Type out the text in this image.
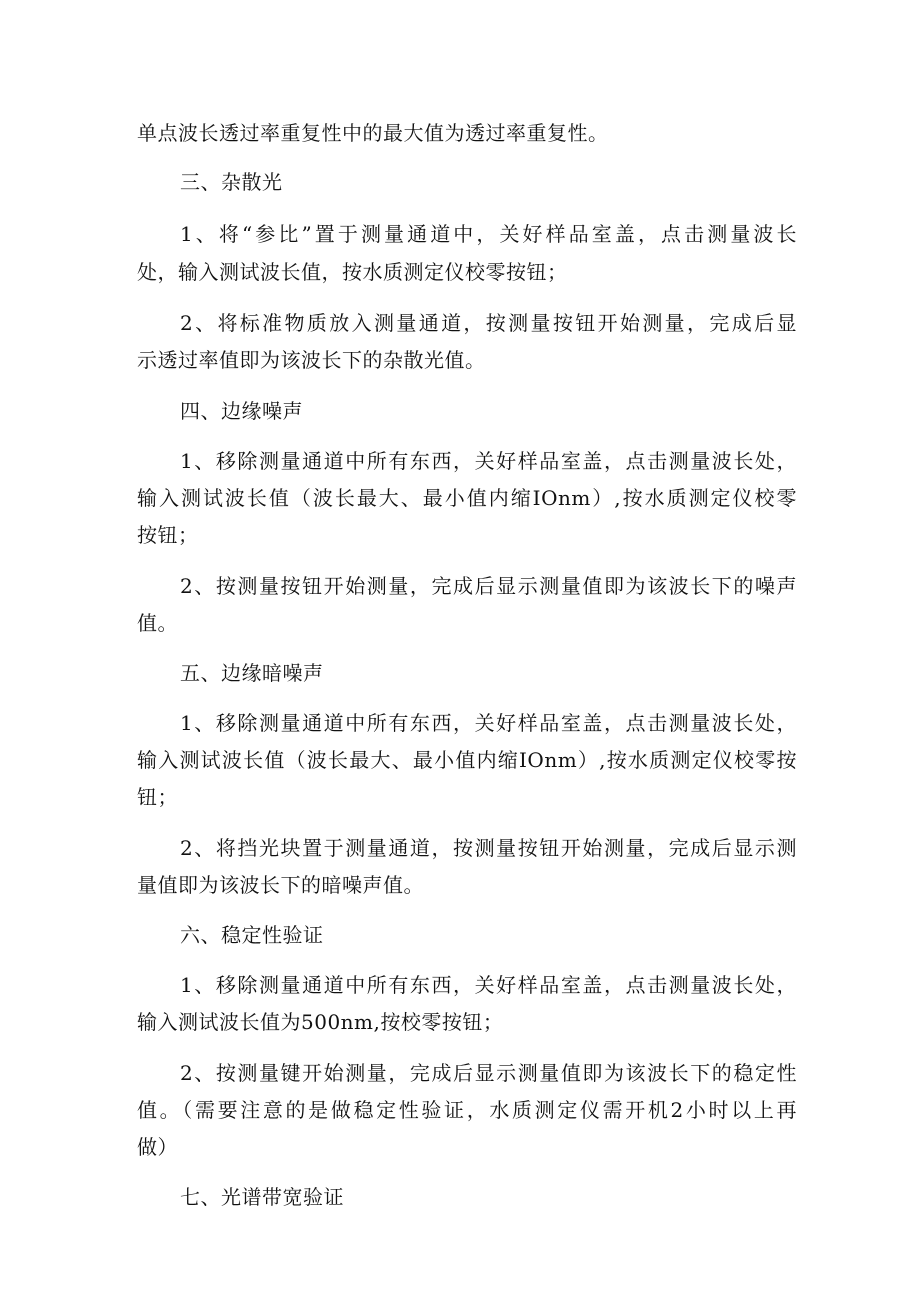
单点波长透过率重复性中的最大值为透过率重复性。
三、杂散光
1、将“参比”置于测量通道中，关好样品室盖，点击测量波长
处，输入测试波长值，按水质测定仪校零按钮；
2、将标准物质放入测量通道，按测量按钮开始测量，完成后显
示透过率值即为该波长下的杂散光值。
四、边缘噪声
1、移除测量通道中所有东西，关好样品室盖，点击测量波长处，
输入测试波长值（波长最大、最小值内缩IOnm）,按水质测定仪校零
按钮；
2、按测量按钮开始测量，完成后显示测量值即为该波长下的噪声
值。
五、边缘暗噪声
1、移除测量通道中所有东西，关好样品室盖，点击测量波长处，
输入测试波长值（波长最大、最小值内缩IOnm）,按水质测定仪校零按
钮；
2、将挡光块置于测量通道，按测量按钮开始测量，完成后显示测
量值即为该波长下的暗噪声值。
六、稳定性验证
1、移除测量通道中所有东西，关好样品室盖，点击测量波长处，
输入测试波长值为500nm,按校零按钮；
2、按测量键开始测量，完成后显示测量值即为该波长下的稳定性
值。（需要注意的是做稳定性验证，水质测定仪需开机2小时以上再
做）
七、光谱带宽验证
